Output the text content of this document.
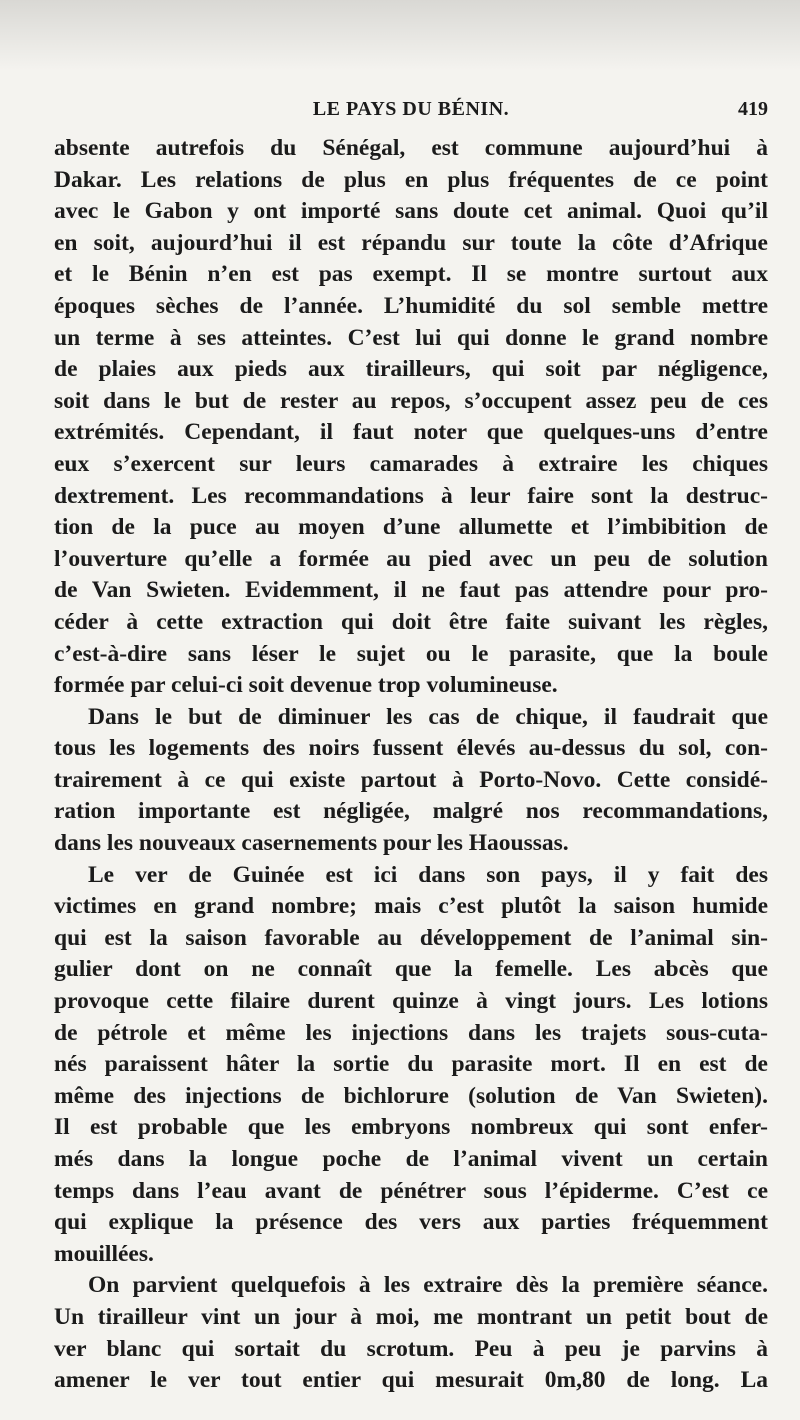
LE PAYS DU BÉNIN.	419
absente autrefois du Sénégal, est commune aujourd’hui à
Dakar. Les relations de plus en plus fréquentes de ce point
avec le Gabon y ont importé sans doute cet animal. Quoi qu’il
en soit, aujourd’hui il est répandu sur toute la côte d’Afrique
et le Bénin n’en est pas exempt. Il se montre surtout aux
époques sèches de l’année. L’humidité du sol semble mettre
un terme à ses atteintes. C’est lui qui donne le grand nombre
de plaies aux pieds aux tirailleurs, qui soit par négligence,
soit dans le but de rester au repos, s’occupent assez peu de ces
extrémités. Cependant, il faut noter que quelques-uns d’entre
eux s’exercent sur leurs camarades à extraire les chiques
dextrement. Les recommandations à leur faire sont la destruc-
tion de la puce au moyen d’une allumette et l’imbibition de
l’ouverture qu’elle a formée au pied avec un peu de solution
de Van Swieten. Evidemment, il ne faut pas attendre pour pro-
céder à cette extraction qui doit être faite suivant les règles,
c’est-à-dire sans léser le sujet ou le parasite, que la boule
formée par celui-ci soit devenue trop volumineuse.
Dans le but de diminuer les cas de chique, il faudrait que
tous les logements des noirs fussent élevés au-dessus du sol, con-
trairement à ce qui existe partout à Porto-Novo. Cette considé-
ration importante est négligée, malgré nos recommandations,
dans les nouveaux casernements pour les Haoussas.
Le ver de Guinée est ici dans son pays, il y fait des
victimes en grand nombre; mais c’est plutôt la saison humide
qui est la saison favorable au développement de l’animal sin-
gulier dont on ne connaît que la femelle. Les abcès que
provoque cette filaire durent quinze à vingt jours. Les lotions
de pétrole et même les injections dans les trajets sous-cuta-
nés paraissent hâter la sortie du parasite mort. Il en est de
même des injections de bichlorure (solution de Van Swieten).
Il est probable que les embryons nombreux qui sont enfer-
més dans la longue poche de l’animal vivent un certain
temps dans l’eau avant de pénétrer sous l’épiderme. C’est ce
qui explique la présence des vers aux parties fréquemment
mouillées.
On parvient quelquefois à les extraire dès la première séance.
Un tirailleur vint un jour à moi, me montrant un petit bout de
ver blanc qui sortait du scrotum. Peu à peu je parvins à
amener le ver tout entier qui mesurait 0m,80 de long. La
